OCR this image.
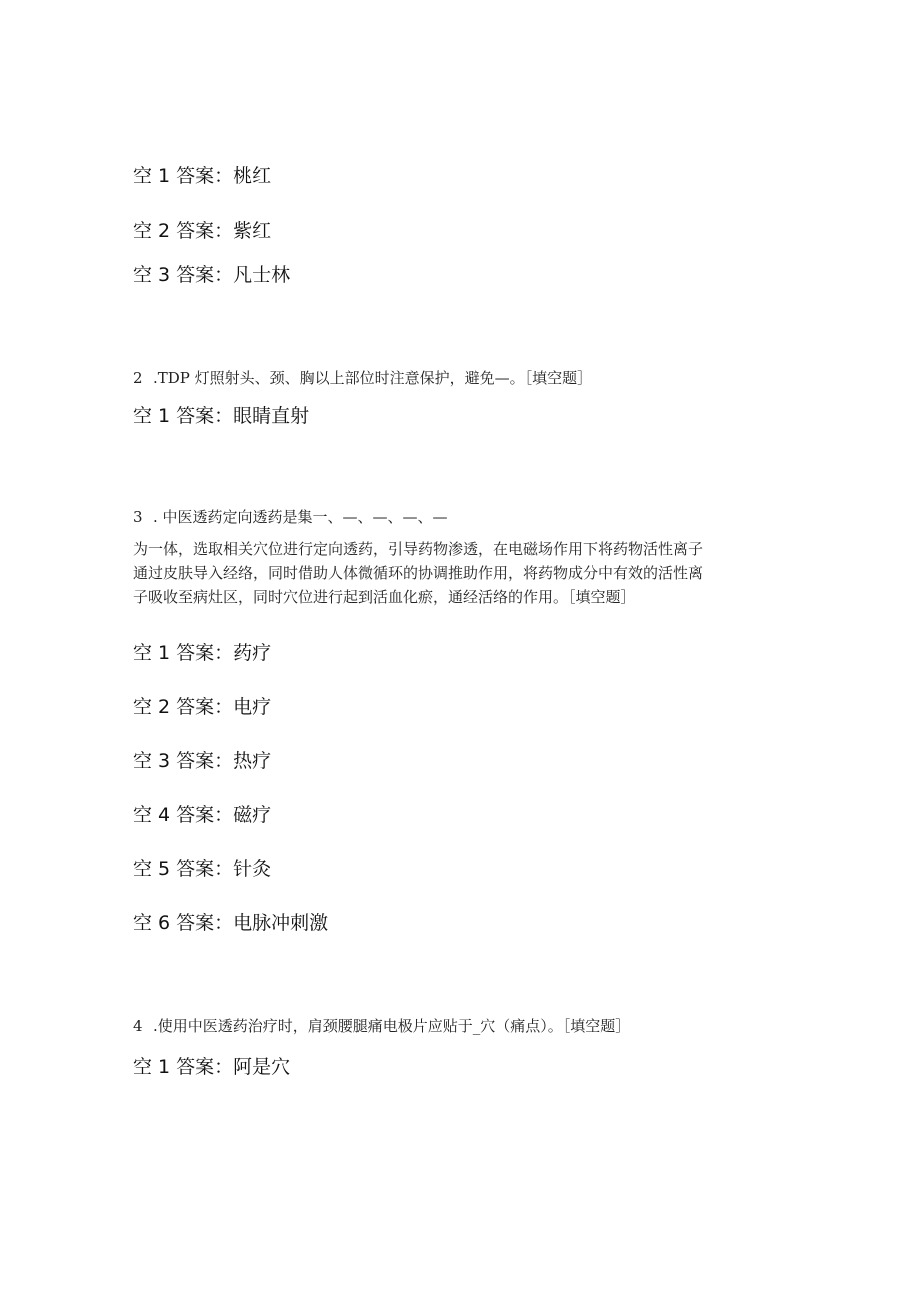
空 1 答案：桃红
空 2 答案：紫红
空 3 答案：凡士林
2 .TDP 灯照射头、颈、胸以上部位时注意保护，避免—。［填空题］
空 1 答案：眼睛直射
3 . 中医透药定向透药是集一、—、—、—、—
为一体，选取相关穴位进行定向透药，引导药物渗透，在电磁场作用下将药物活性离子
通过皮肤导入经络，同时借助人体微循环的协调推助作用，将药物成分中有效的活性离
子吸收至病灶区，同时穴位进行起到活血化瘀，通经活络的作用。［填空题］
空 1 答案：药疗
空 2 答案：电疗
空 3 答案：热疗
空 4 答案：磁疗
空 5 答案：针灸
空 6 答案：电脉冲刺激
4 .使用中医透药治疗时，肩颈腰腿痛电极片应贴于_穴（痛点）。［填空题］
空 1 答案：阿是穴
